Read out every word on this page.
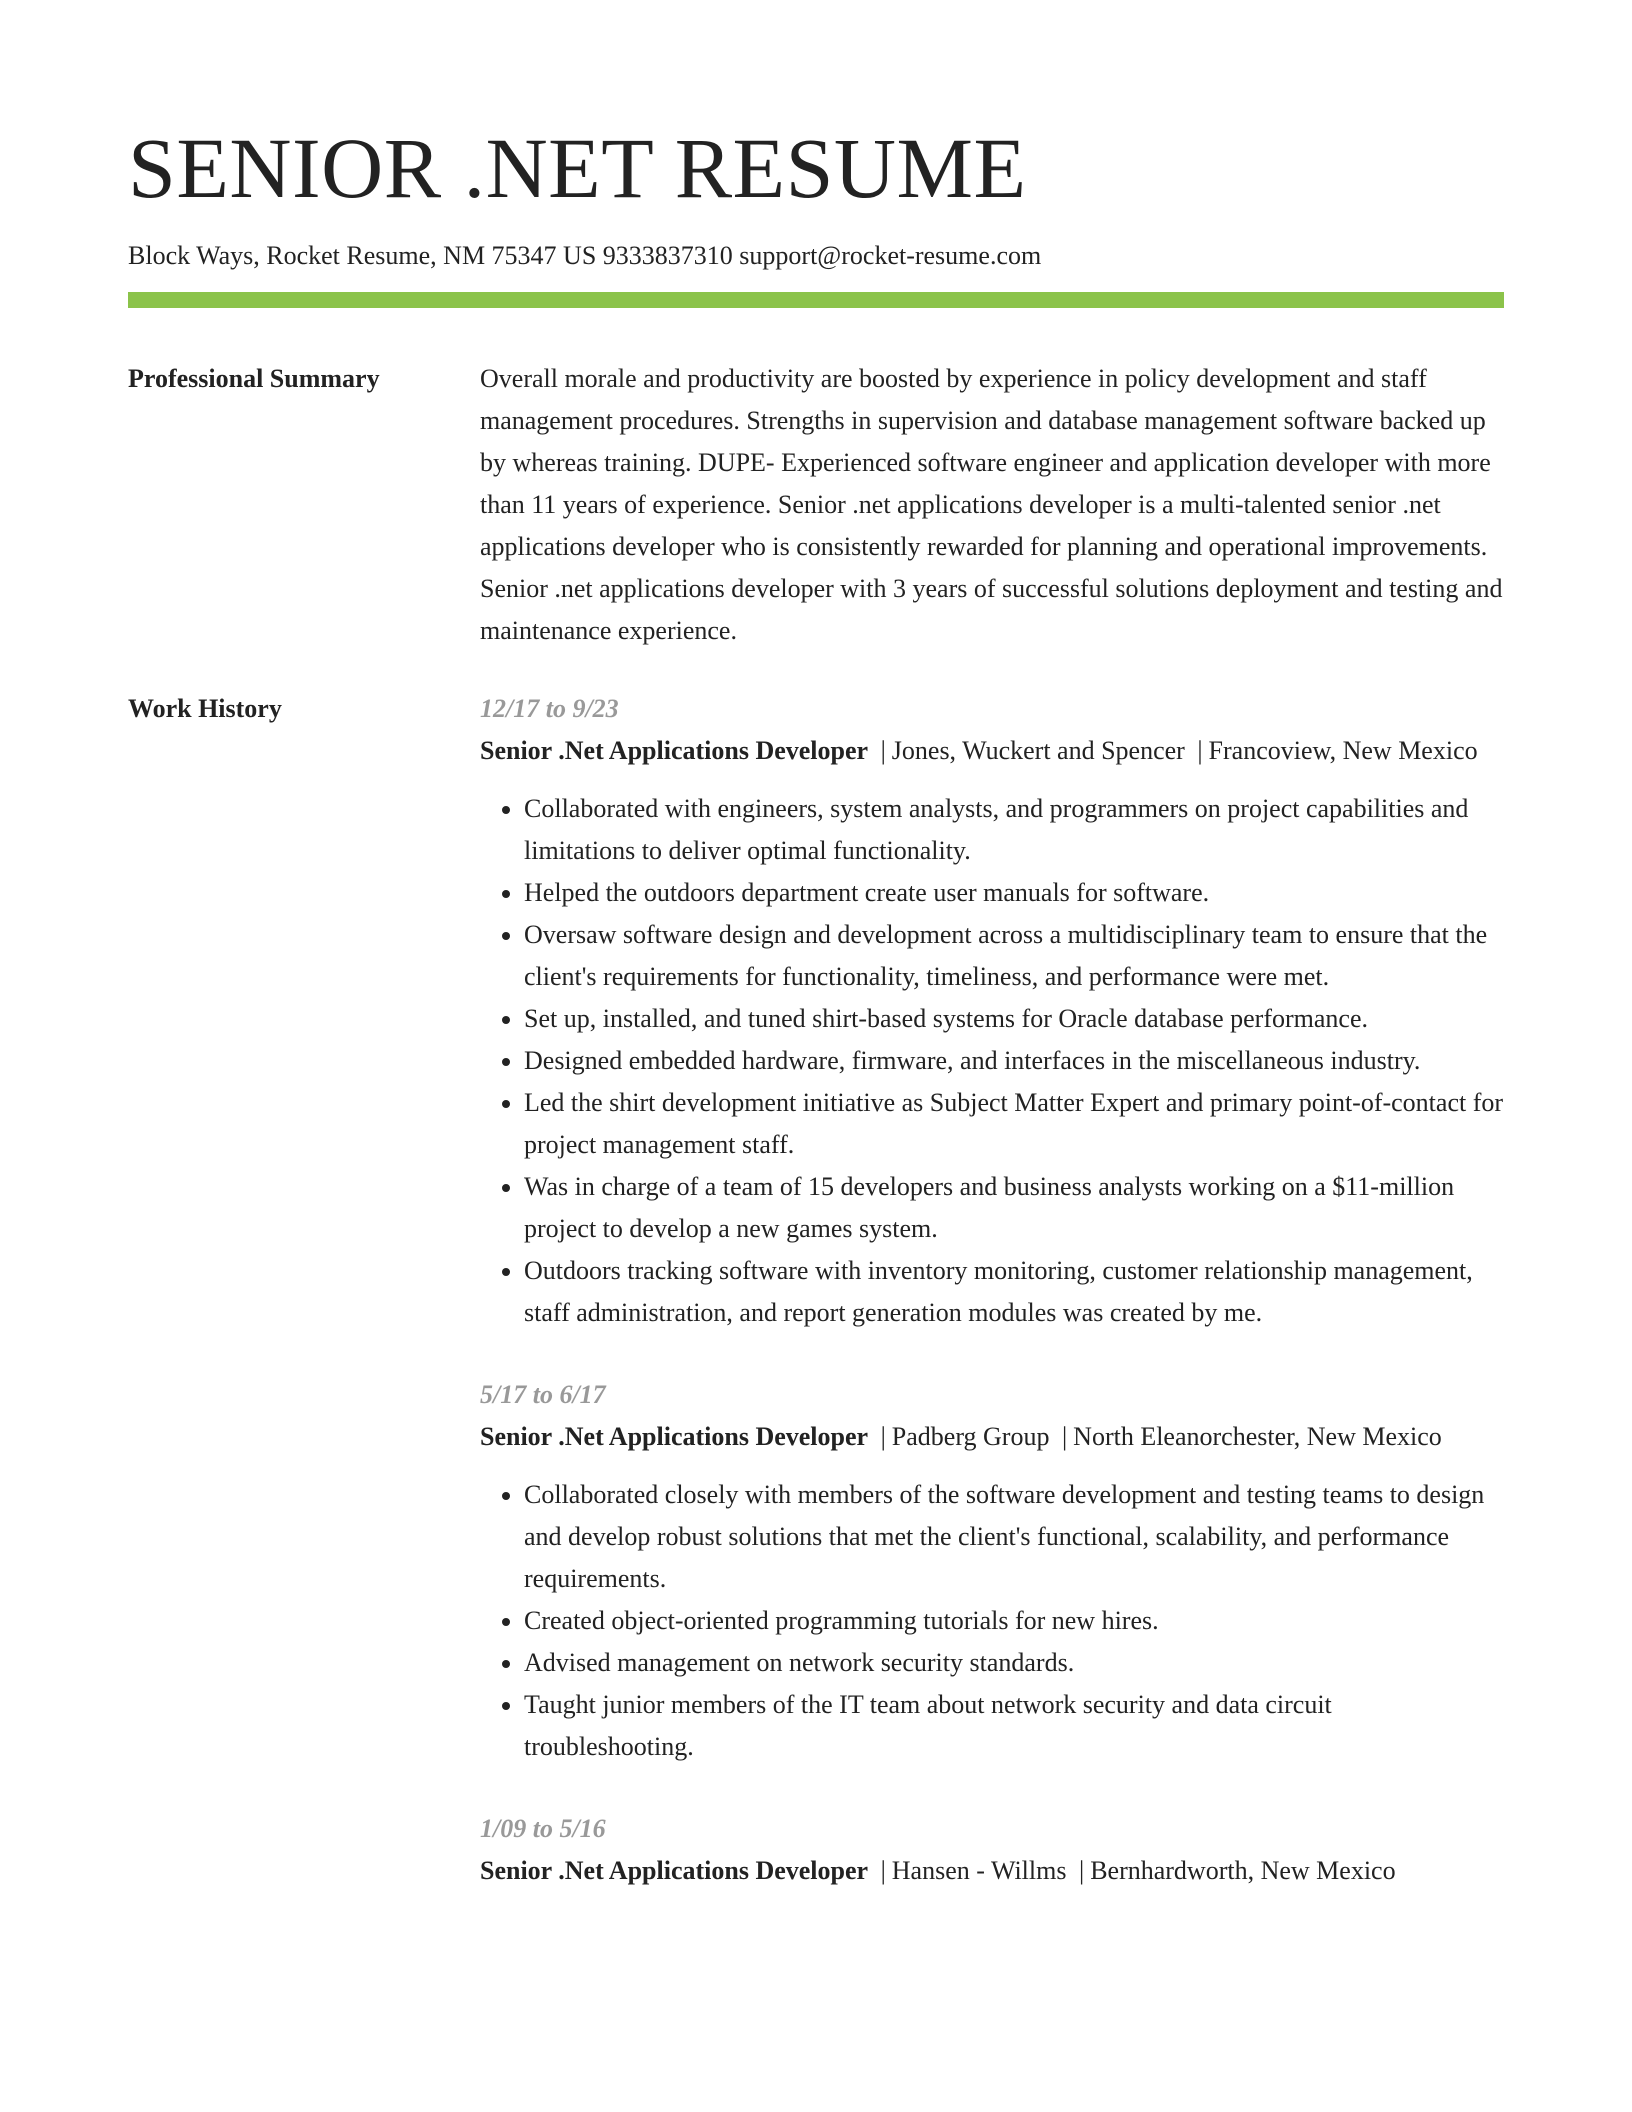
SENIOR .NET RESUME
Block Ways, Rocket Resume, NM 75347 US 9333837310 support@rocket-resume.com
Professional Summary	Overall morale and productivity are boosted by experience in policy development and staff management procedures. Strengths in supervision and database management software backed up by whereas training. DUPE- Experienced software engineer and application developer with more than 11 years of experience. Senior .net applications developer is a multi-talented senior .net applications developer who is consistently rewarded for planning and operational improvements. Senior .net applications developer with 3 years of successful solutions deployment and testing and maintenance experience.

Work History	12/17 to 9/23
Senior .Net Applications Developer | Jones, Wuckert and Spencer | Francoview, New Mexico
• Collaborated with engineers, system analysts, and programmers on project capabilities and limitations to deliver optimal functionality.
• Helped the outdoors department create user manuals for software.
• Oversaw software design and development across a multidisciplinary team to ensure that the client's requirements for functionality, timeliness, and performance were met.
• Set up, installed, and tuned shirt-based systems for Oracle database performance.
• Designed embedded hardware, firmware, and interfaces in the miscellaneous industry.
• Led the shirt development initiative as Subject Matter Expert and primary point-of-contact for project management staff.
• Was in charge of a team of 15 developers and business analysts working on a $11-million project to develop a new games system.
• Outdoors tracking software with inventory monitoring, customer relationship management, staff administration, and report generation modules was created by me.
5/17 to 6/17
Senior .Net Applications Developer | Padberg Group | North Eleanorchester, New Mexico
• Collaborated closely with members of the software development and testing teams to design and develop robust solutions that met the client's functional, scalability, and performance requirements.
• Created object-oriented programming tutorials for new hires.
• Advised management on network security standards.
• Taught junior members of the IT team about network security and data circuit troubleshooting.
1/09 to 5/16
Senior .Net Applications Developer | Hansen - Willms | Bernhardworth, New Mexico
